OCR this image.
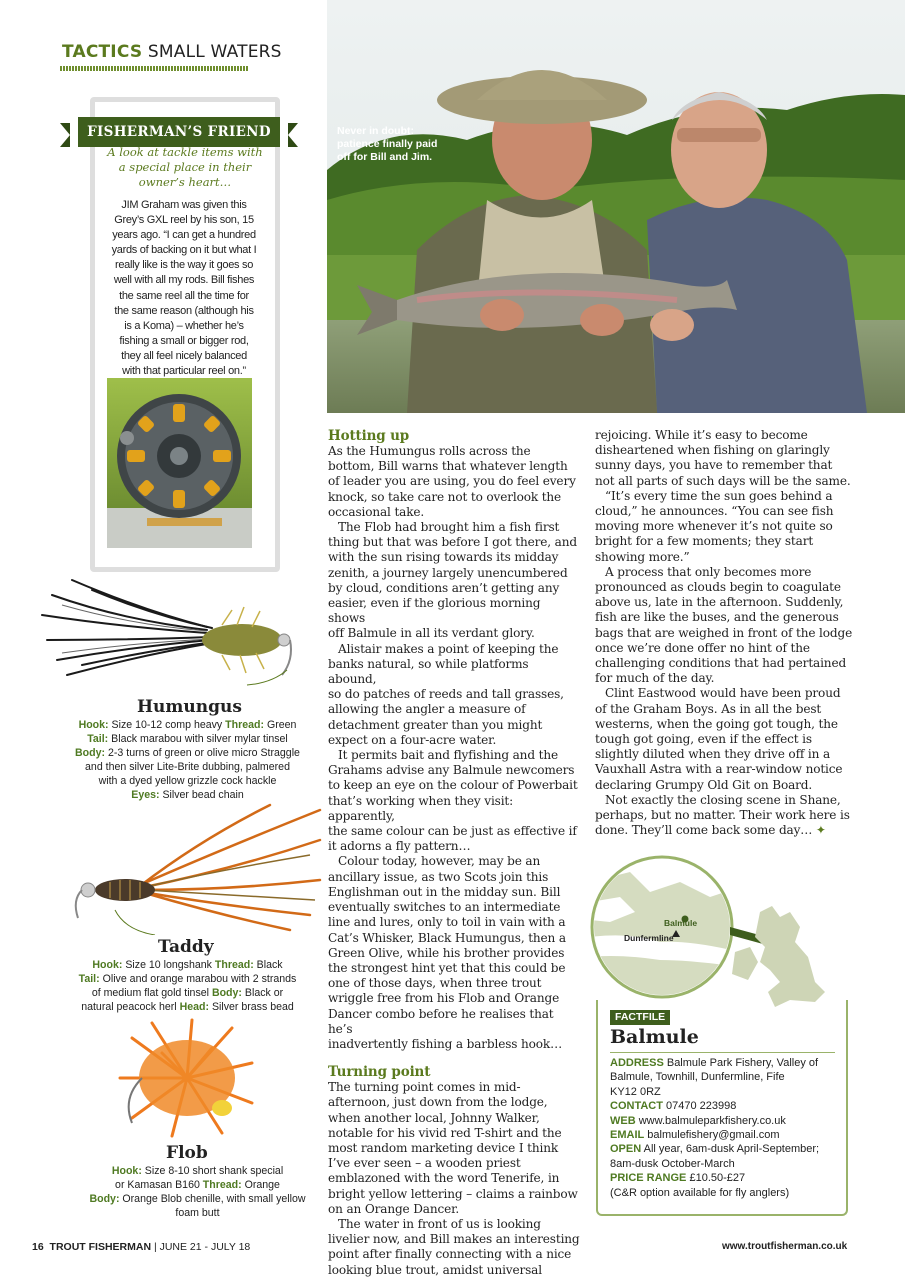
TACTICS SMALL WATERS
FISHERMAN’S FRIEND
A look at tackle items with
a special place in their
owner’s heart…
JIM Graham was given this
Grey’s GXL reel by his son, 15
years ago. “I can get a hundred
yards of backing on it but what I
really like is the way it goes so
well with all my rods. Bill fishes
the same reel all the time for
the same reason (although his
is a Koma) – whether he’s
fishing a small or bigger rod,
they all feel nicely balanced
with that particular reel on.”
Humungus
Hook: Size 10-12 comp heavy Thread: Green
Tail: Black marabou with silver mylar tinsel
Body: 2-3 turns of green or olive micro Straggle
and then silver Lite-Brite dubbing, palmered
with a dyed yellow grizzle cock hackle
Eyes: Silver bead chain
Taddy
Hook: Size 10 longshank Thread: Black
Tail: Olive and orange marabou with 2 strands
of medium flat gold tinsel Body: Black or
natural peacock herl Head: Silver brass bead
Flob
Hook: Size 8-10 short shank special
or Kamasan B160 Thread: Orange
Body: Orange Blob chenille, with small yellow
foam butt
Never in doubt:
patience finally paid
off for Bill and Jim.
Hotting up

As the Humungus rolls across the
bottom, Bill warns that whatever length
of leader you are using, you do feel every
knock, so take care not to overlook the
occasional take.

The Flob had brought him a fish first
thing but that was before I got there, and
with the sun rising towards its midday
zenith, a journey largely unencumbered
by cloud, conditions aren’t getting any
easier, even if the glorious morning shows
off Balmule in all its verdant glory.

Alistair makes a point of keeping the
banks natural, so while platforms abound,
so do patches of reeds and tall grasses,
allowing the angler a measure of
detachment greater than you might
expect on a four-acre water.

It permits bait and flyfishing and the
Grahams advise any Balmule newcomers
to keep an eye on the colour of Powerbait
that’s working when they visit: apparently,
the same colour can be just as effective if
it adorns a fly pattern…

Colour today, however, may be an
ancillary issue, as two Scots join this
Englishman out in the midday sun. Bill
eventually switches to an intermediate
line and lures, only to toil in vain with a
Cat’s Whisker, Black Humungus, then a
Green Olive, while his brother provides
the strongest hint yet that this could be
one of those days, when three trout
wriggle free from his Flob and Orange
Dancer combo before he realises that he’s
inadvertently fishing a barbless hook…

Turning point

The turning point comes in mid-
afternoon, just down from the lodge,
when another local, Johnny Walker,
notable for his vivid red T-shirt and the
most random marketing device I think
I’ve ever seen – a wooden priest
emblazoned with the word Tenerife, in
bright yellow lettering – claims a rainbow
on an Orange Dancer.

The water in front of us is looking
livelier now, and Bill makes an interesting
point after finally connecting with a nice
looking blue trout, amidst universal

rejoicing. While it’s easy to become
disheartened when fishing on glaringly
sunny days, you have to remember that
not all parts of such days will be the same.

“It’s every time the sun goes behind a
cloud,” he announces. “You can see fish
moving more whenever it’s not quite so
bright for a few moments; they start
showing more.”

A process that only becomes more
pronounced as clouds begin to coagulate
above us, late in the afternoon. Suddenly,
fish are like the buses, and the generous
bags that are weighed in front of the lodge
once we’re done offer no hint of the
challenging conditions that had pertained
for much of the day.

Clint Eastwood would have been proud
of the Graham Boys. As in all the best
westerns, when the going got tough, the
tough got going, even if the effect is
slightly diluted when they drive off in a
Vauxhall Astra with a rear-window notice
declaring Grumpy Old Git on Board.

Not exactly the closing scene in Shane,
perhaps, but no matter. Their work here is
done. They’ll come back some day… ✦

Balmule
Dunfermline
FACTFILE
Balmule
ADDRESS Balmule Park Fishery, Valley of
Balmule, Townhill, Dunfermline, Fife
KY12 0RZ
CONTACT 07470 223998
WEB www.balmuleparkfishery.co.uk
EMAIL balmulefishery@gmail.com
OPEN All year, 6am-dusk April-September;
8am-dusk October-March
PRICE RANGE £10.50-£27
(C&R option available for fly anglers)
16 TROUT FISHERMAN | JUNE 21 - JULY 18	www.troutfisherman.co.uk
